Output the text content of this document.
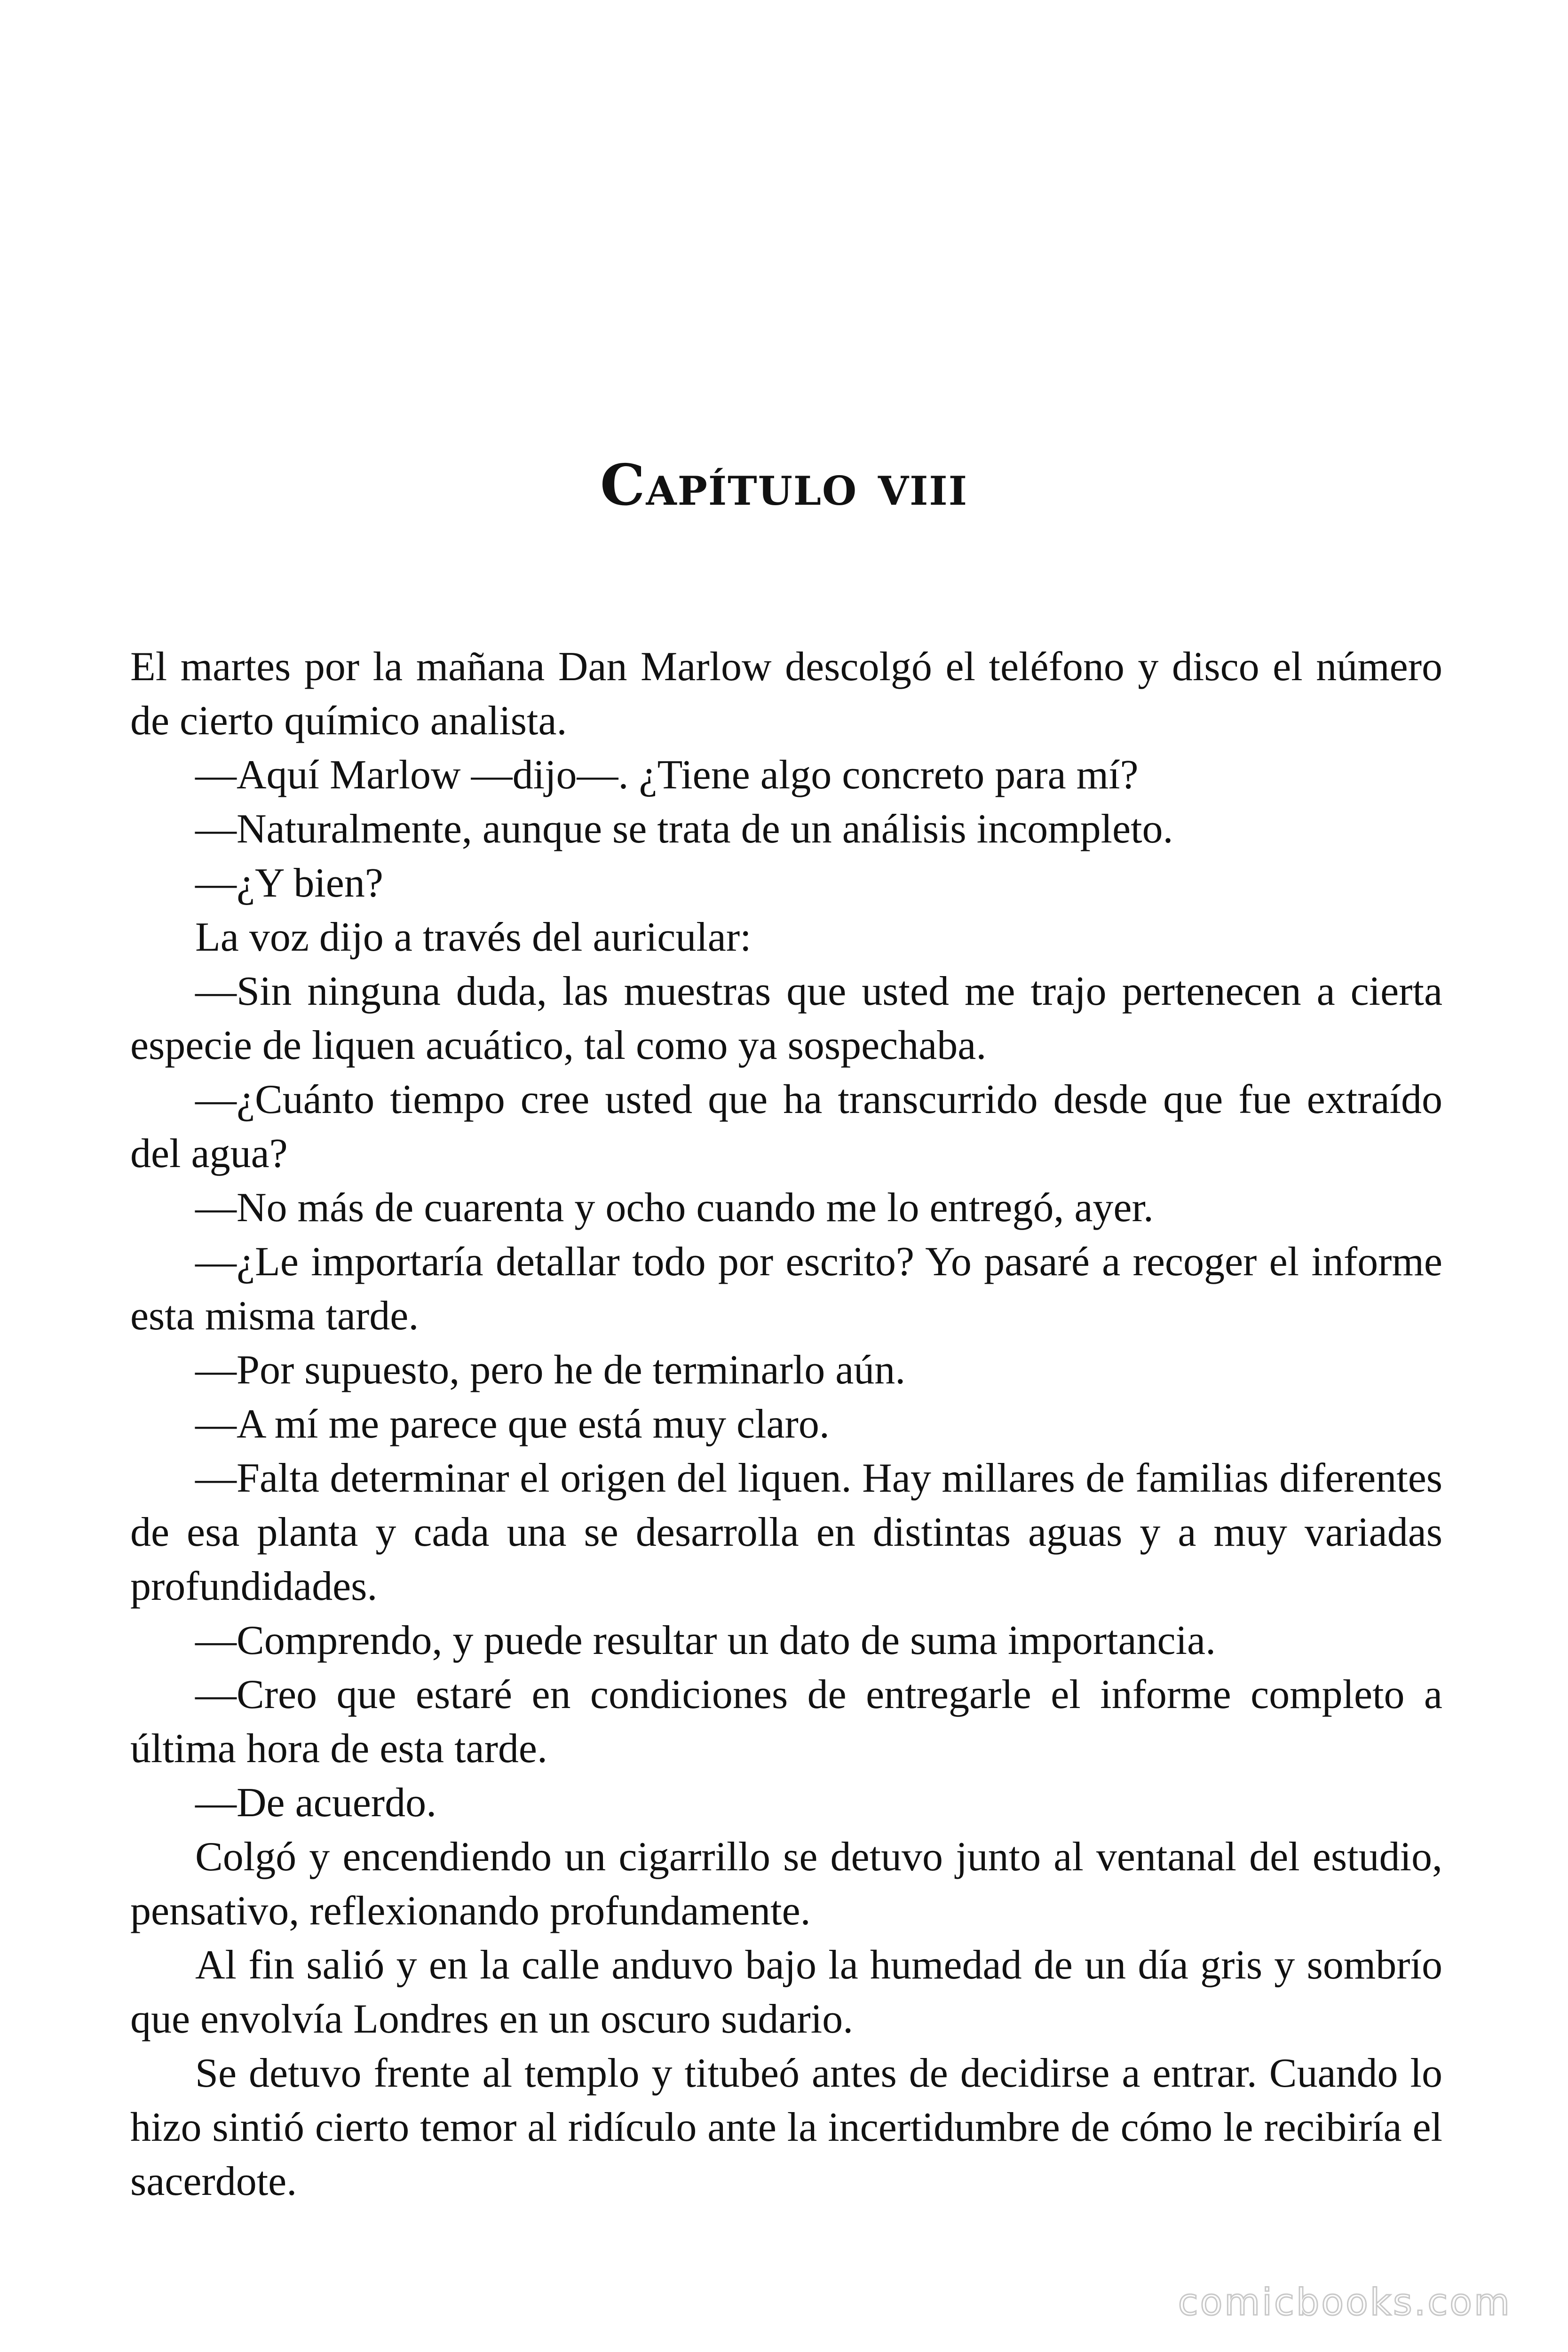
Capítulo viii

El martes por la mañana Dan Marlow descolgó el teléfono y disco el número de cierto químico analista.

—Aquí Marlow —dijo—. ¿Tiene algo concreto para mí?

—Naturalmente, aunque se trata de un análisis incompleto.

—¿Y bien?

La voz dijo a través del auricular:

—Sin ninguna duda, las muestras que usted me trajo pertenecen a cierta especie de liquen acuático, tal como ya sospechaba.

—¿Cuánto tiempo cree usted que ha transcurrido desde que fue extraído del agua?

—No más de cuarenta y ocho cuando me lo entregó, ayer.

—¿Le importaría detallar todo por escrito? Yo pasaré a recoger el informe esta misma tarde.

—Por supuesto, pero he de terminarlo aún.

—A mí me parece que está muy claro.

—Falta determinar el origen del liquen. Hay millares de familias diferentes de esa planta y cada una se desarrolla en distintas aguas y a muy variadas profundidades.

—Comprendo, y puede resultar un dato de suma importancia.

—Creo que estaré en condiciones de entregarle el informe completo a última hora de esta tarde.

—De acuerdo.

Colgó y encendiendo un cigarrillo se detuvo junto al ventanal del estudio, pensativo, reflexionando profundamente.

Al fin salió y en la calle anduvo bajo la humedad de un día gris y sombrío que envolvía Londres en un oscuro sudario.

Se detuvo frente al templo y titubeó antes de decidirse a entrar. Cuando lo hizo sintió cierto temor al ridículo ante la incertidumbre de cómo le recibiría el sacerdote.

comicbooks.com
